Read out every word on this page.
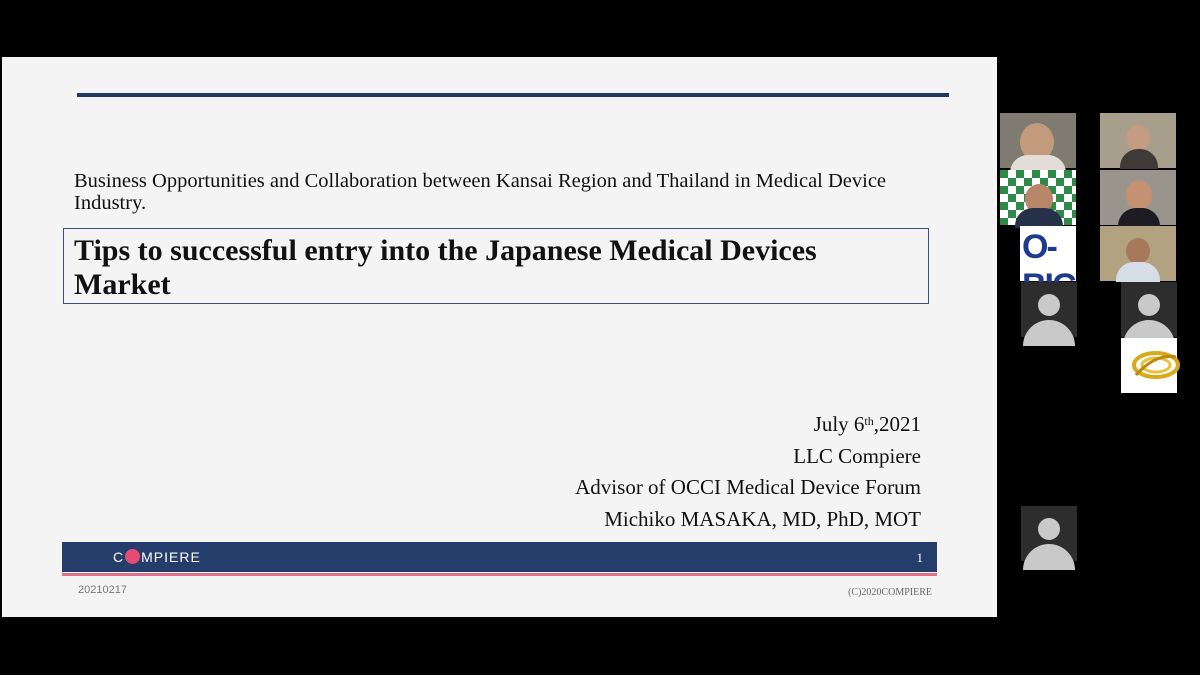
Business Opportunities and Collaboration between Kansai Region and Thailand in Medical Device Industry.

Tips to successful entry into the Japanese Medical Devices Market

July 6th,2021
LLC Compiere
Advisor of OCCI Medical Device Forum
Michiko MASAKA, MD, PhD, MOT
C MPIERE	1
20210217	(C)2020COMPIERE
O-
